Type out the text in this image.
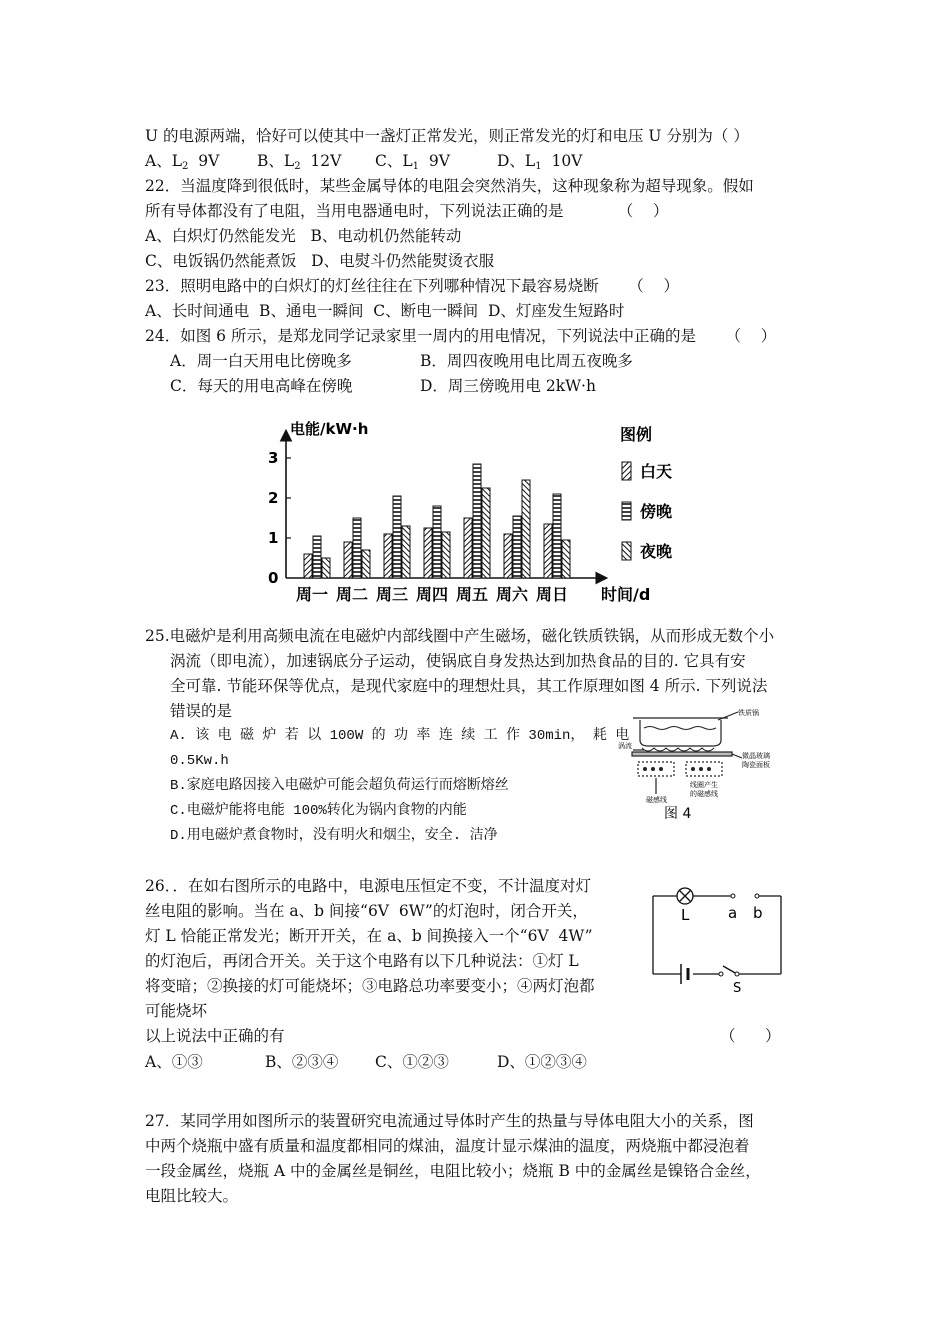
U 的电源两端，恰好可以使其中一盏灯正常发光，则正常发光的灯和电压 U 分别为（ ）
A、L2  9V B、L2  12V C、L1  9V	D、L1  10V
22．当温度降到很低时，某些金属导体的电阻会突然消失，这种现象称为超导现象。假如
所有导体都没有了电阻，当用电器通电时，下列说法正确的是           （    ）
A、白炽灯仍然能发光   B、电动机仍然能转动
C、电饭锅仍然能煮饭   D、电熨斗仍然能熨烫衣服
23．照明电路中的白炽灯的灯丝往往在下列哪种情况下最容易烧断      （    ）
A、长时间通电  B、通电一瞬间  C、断电一瞬间  D、灯座发生短路时
24．如图 6 所示，是郑龙同学记录家里一周内的用电情况，下列说法中正确的是      （    ）
A．周一白天用电比傍晚多	B．周四夜晚用电比周五夜晚多
C．每天的用电高峰在傍晚	D．周三傍晚用电 2kW·h
电能/kW·h
0
1
2
3
周一 周二 周三 周四 周五 周六 周日 时间/d
图例
白天
傍晚
夜晚
25.电磁炉是利用高频电流在电磁炉内部线圈中产生磁场，磁化铁质铁锅，从而形成无数个小
涡流（即电流），加速锅底分子运动，使锅底自身发热达到加热食品的目的. 它具有安
全可靠. 节能环保等优点，是现代家庭中的理想灶具，其工作原理如图 4 所示. 下列说法
错误的是
A. 该 电 磁 炉 若 以 100W 的 功 率 连 续 工 作 30min， 耗 电
0.5Kw.h
B.家庭电路因接入电磁炉可能会超负荷运行而熔断熔丝
C.电磁炉能将电能 100%转化为锅内食物的内能
D.用电磁炉煮食物时，没有明火和烟尘，安全. 洁净
铁质锅
涡流
微晶玻璃
陶瓷面板
线圈产生
的磁感线
磁感线
图 4
26．．在如右图所示的电路中，电源电压恒定不变，不计温度对灯
丝电阻的影响。当在 a、b 间接“6V  6W”的灯泡时，闭合开关，
灯 L 恰能正常发光；断开开关，在 a、b 间换接入一个“6V  4W”
的灯泡后，再闭合开关。关于这个电路有以下几种说法：①灯 L
将变暗；②换接的灯可能烧坏；③电路总功率要变小；④两灯泡都
可能烧坏
以上说法中正确的有	（      ）
A、①③	B、②③④ C、①②③	D、①②③④
L	a b
S
27．某同学用如图所示的装置研究电流通过导体时产生的热量与导体电阻大小的关系，图
中两个烧瓶中盛有质量和温度都相同的煤油，温度计显示煤油的温度，两烧瓶中都浸泡着
一段金属丝，烧瓶 A 中的金属丝是铜丝，电阻比较小；烧瓶 B 中的金属丝是镍铬合金丝，
电阻比较大。
